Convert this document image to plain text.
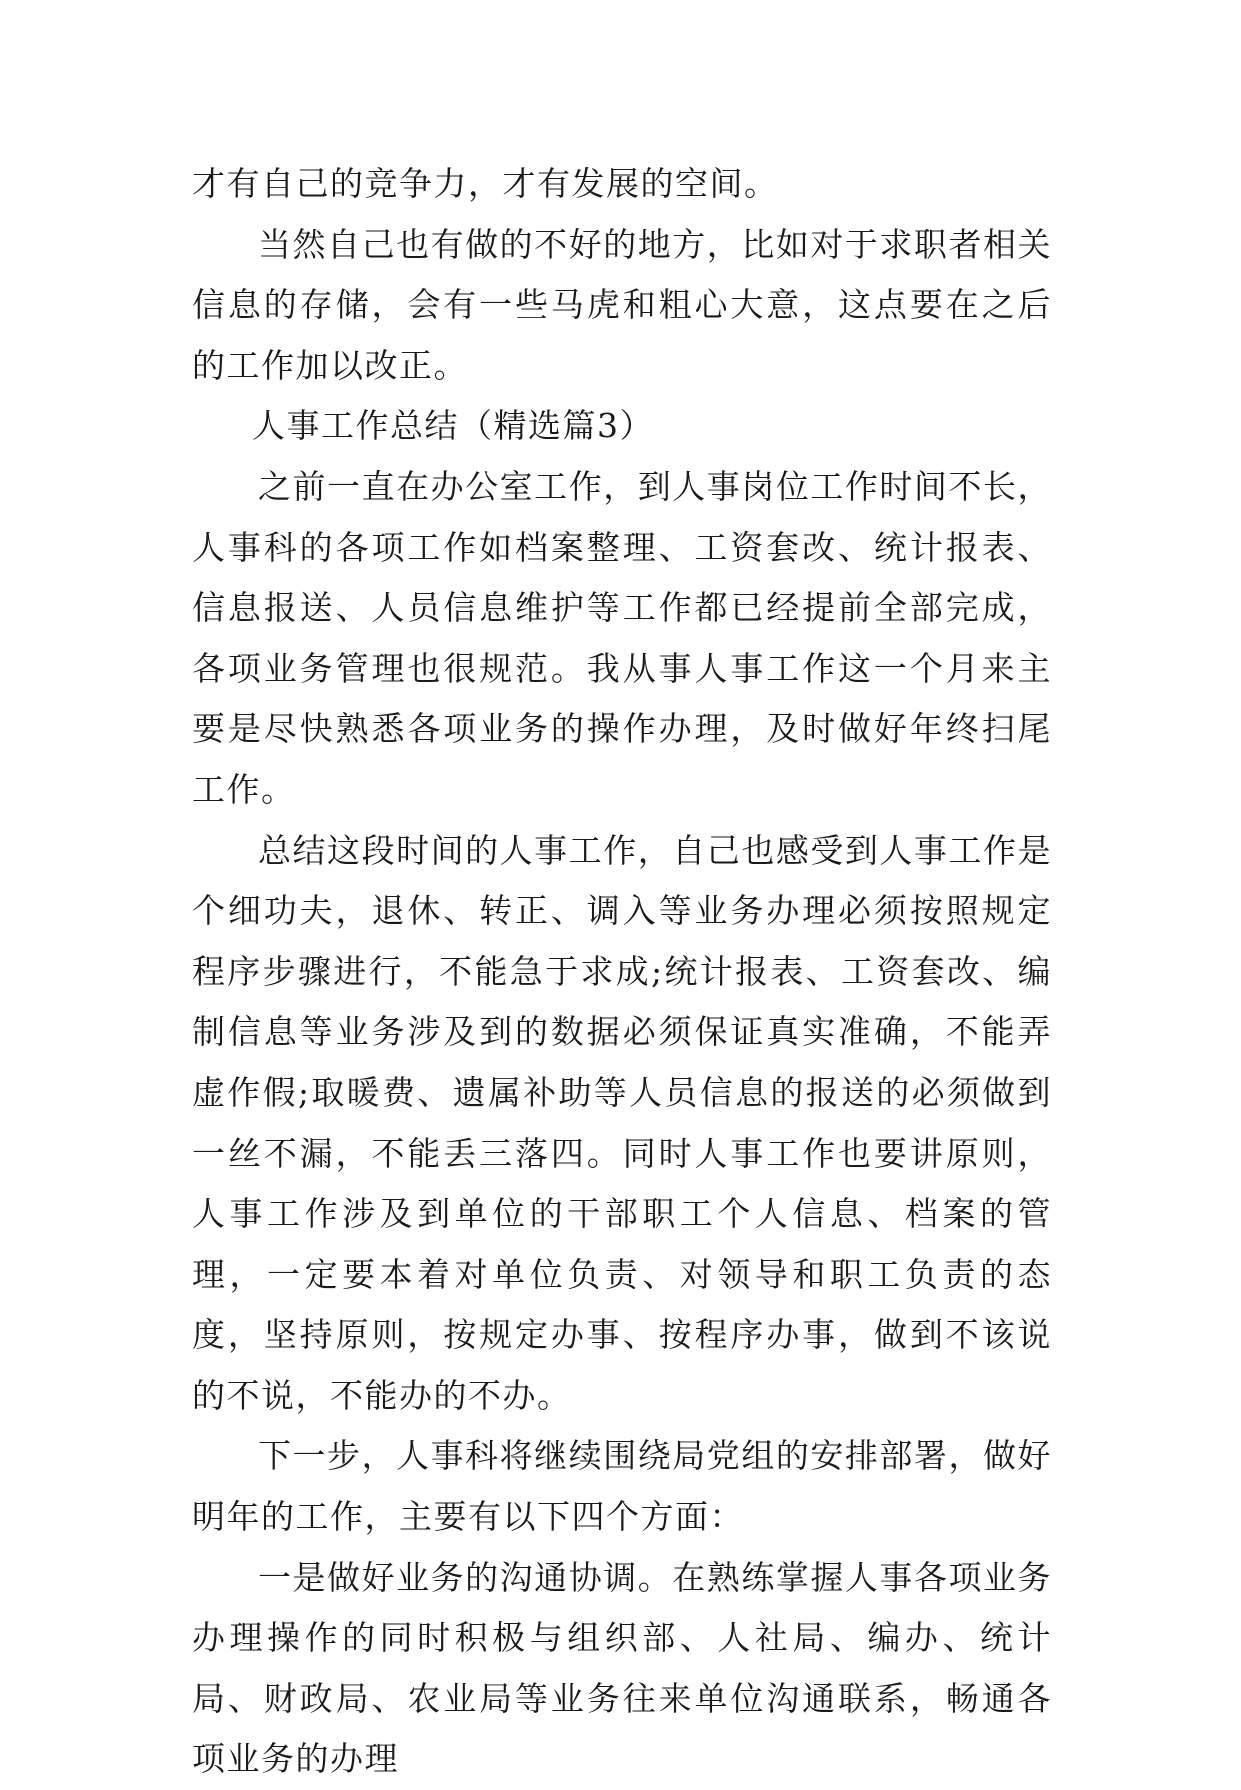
才有自己的竞争力，才有发展的空间。

当然自己也有做的不好的地方，比如对于求职者相关信息的存储，会有一些马虎和粗心大意，这点要在之后的工作加以改正。

人事工作总结（精选篇3）

之前一直在办公室工作，到人事岗位工作时间不长，人事科的各项工作如档案整理、工资套改、统计报表、信息报送、人员信息维护等工作都已经提前全部完成，各项业务管理也很规范。我从事人事工作这一个月来主要是尽快熟悉各项业务的操作办理，及时做好年终扫尾工作。

总结这段时间的人事工作，自己也感受到人事工作是个细功夫，退休、转正、调入等业务办理必须按照规定程序步骤进行，不能急于求成;统计报表、工资套改、编制信息等业务涉及到的数据必须保证真实准确，不能弄虚作假;取暖费、遗属补助等人员信息的报送的必须做到一丝不漏，不能丢三落四。同时人事工作也要讲原则，人事工作涉及到单位的干部职工个人信息、档案的管理，一定要本着对单位负责、对领导和职工负责的态度，坚持原则，按规定办事、按程序办事，做到不该说的不说，不能办的不办。

下一步，人事科将继续围绕局党组的安排部署，做好明年的工作，主要有以下四个方面：

一是做好业务的沟通协调。在熟练掌握人事各项业务办理操作的同时积极与组织部、人社局、编办、统计局、财政局、农业局等业务往来单位沟通联系，畅通各项业务的办理
